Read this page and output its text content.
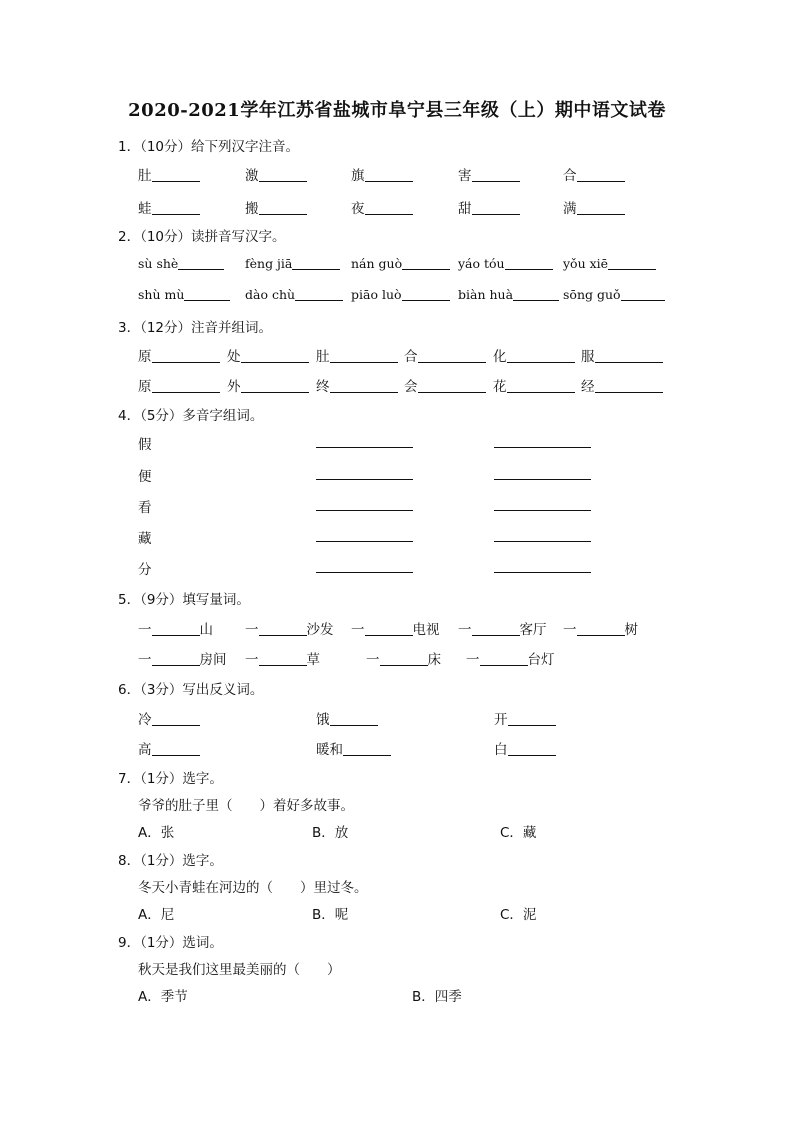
2020-2021学年江苏省盐城市阜宁县三年级（上）期中语文试卷
1．（10分）给下列汉字注音。
肚	激	旗	害	合
蛙	搬	夜	甜	满
2．（10分）读拼音写汉字。
sù shè	fèng jiā	nán guò	yáo tóu	yǒu xiē
shù mù	dào chù	piāo luò	biàn huà	sōng guǒ
3．（12分）注音并组词。
原	处	肚	合	化	服
原	外	终	会	花	经
4．（5分）多音字组词。
假
便
看
藏
分
5．（9分）填写量词。
一	山 一	沙发 一	电视 一	客厅 一	树
一	房间 一	草	一	床 一	台灯
6．（3分）写出反义词。
冷	饿	开
高	暖和	白
7．（1分）选字。
爷爷的肚子里（　　）着好多故事。
A．张	B．放	C．藏
8．（1分）选字。
冬天小青蛙在河边的（　　）里过冬。
A．尼	B．呢	C．泥
9．（1分）选词。
秋天是我们这里最美丽的（　　）
A．季节	B．四季
